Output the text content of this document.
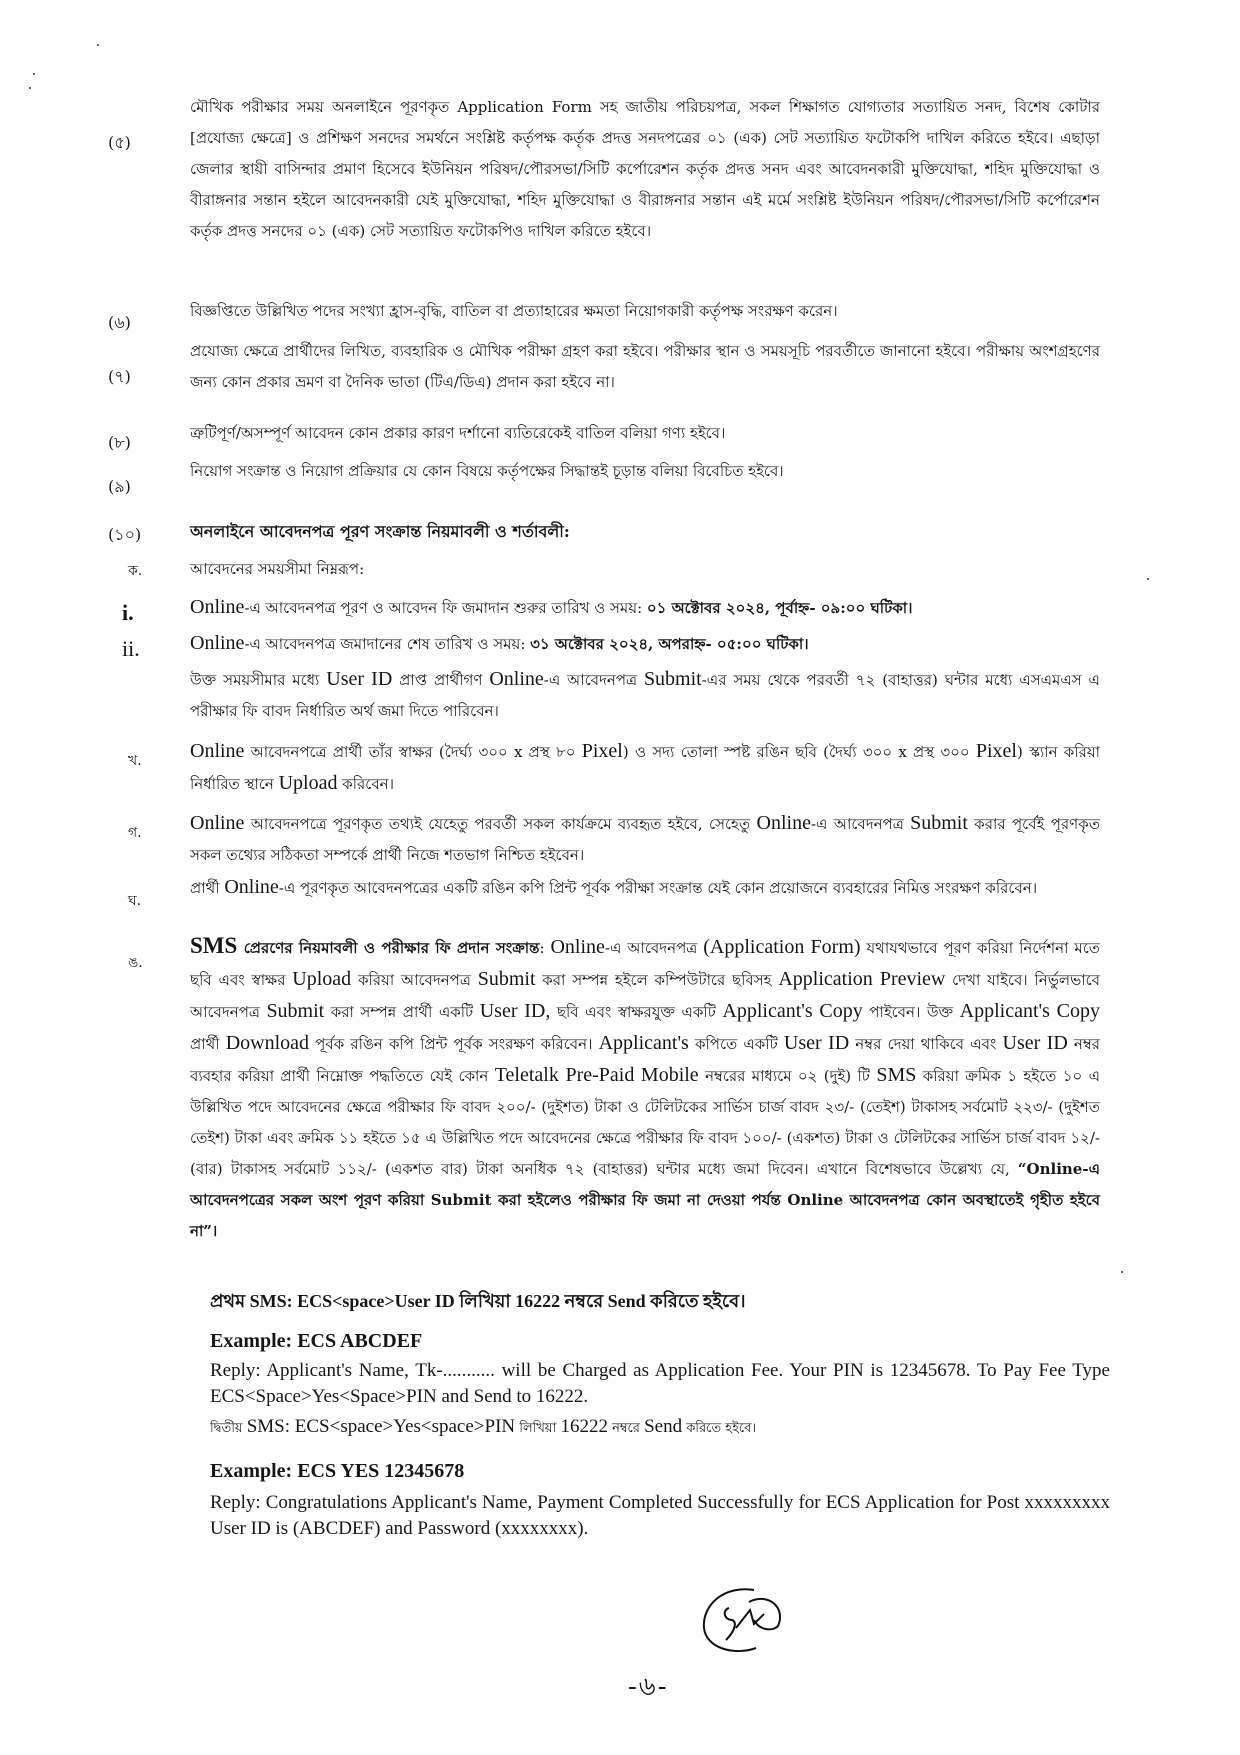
(৫)
মৌখিক পরীক্ষার সময় অনলাইনে পূরণকৃত Application Form সহ জাতীয় পরিচয়পত্র, সকল শিক্ষাগত যোগ্যতার সত্যায়িত সনদ, বিশেষ কোটার [প্রযোজ্য ক্ষেত্রে] ও প্রশিক্ষণ সনদের সমর্থনে সংশ্লিষ্ট কর্তৃপক্ষ কর্তৃক প্রদত্ত সনদপত্রের ০১ (এক) সেট সত্যায়িত ফটোকপি দাখিল করিতে হইবে। এছাড়া জেলার স্থায়ী বাসিন্দার প্রমাণ হিসেবে ইউনিয়ন পরিষদ/পৌরসভা/সিটি কর্পোরেশন কর্তৃক প্রদত্ত সনদ এবং আবেদনকারী মুক্তিযোদ্ধা, শহিদ মুক্তিযোদ্ধা ও বীরাঙ্গনার সন্তান হইলে আবেদনকারী যেই মুক্তিযোদ্ধা, শহিদ মুক্তিযোদ্ধা ও বীরাঙ্গনার সন্তান এই মর্মে সংশ্লিষ্ট ইউনিয়ন পরিষদ/পৌরসভা/সিটি কর্পোরেশন কর্তৃক প্রদত্ত সনদের ০১ (এক) সেট সত্যায়িত ফটোকপিও দাখিল করিতে হইবে।
(৬)
বিজ্ঞপ্তিতে উল্লিখিত পদের সংখ্যা হ্রাস-বৃদ্ধি, বাতিল বা প্রত্যাহারের ক্ষমতা নিয়োগকারী কর্তৃপক্ষ সংরক্ষণ করেন।
(৭)
প্রযোজ্য ক্ষেত্রে প্রার্থীদের লিখিত, ব্যবহারিক ও মৌখিক পরীক্ষা গ্রহণ করা হইবে। পরীক্ষার স্থান ও সময়সূচি পরবর্তীতে জানানো হইবে। পরীক্ষায় অংশগ্রহণের জন্য কোন প্রকার ভ্রমণ বা দৈনিক ভাতা (টিএ/ডিএ) প্রদান করা হইবে না।
(৮)	ত্রুটিপূর্ণ/অসম্পূর্ণ আবেদন কোন প্রকার কারণ দর্শানো ব্যতিরেকেই বাতিল বলিয়া গণ্য হইবে।
(৯)
নিয়োগ সংক্রান্ত ও নিয়োগ প্রক্রিয়ার যে কোন বিষয়ে কর্তৃপক্ষের সিদ্ধান্তই চূড়ান্ত বলিয়া বিবেচিত হইবে।
(১০)	অনলাইনে আবেদনপত্র পূরণ সংক্রান্ত নিয়মাবলী ও শর্তাবলী:
ক.	আবেদনের সময়সীমা নিম্নরূপ:
i.	Online-এ আবেদনপত্র পূরণ ও আবেদন ফি জমাদান শুরুর তারিখ ও সময়: ০১ অক্টোবর ২০২৪, পূর্বাহ্ন- ০৯:০০ ঘটিকা।
ii.	Online-এ আবেদনপত্র জমাদানের শেষ তারিখ ও সময়: ৩১ অক্টোবর ২০২৪, অপরাহ্ন- ০৫:০০ ঘটিকা।
উক্ত সময়সীমার মধ্যে User ID প্রাপ্ত প্রার্থীগণ Online-এ আবেদনপত্র Submit-এর সময় থেকে পরবর্তী ৭২ (বাহাত্তর) ঘন্টার মধ্যে এসএমএস এ পরীক্ষার ফি বাবদ নির্ধারিত অর্থ জমা দিতে পারিবেন।
খ.	Online আবেদনপত্রে প্রার্থী তাঁর স্বাক্ষর (দৈর্ঘ্য ৩০০ x প্রস্থ ৮০ Pixel) ও সদ্য তোলা স্পষ্ট রঙিন ছবি (দৈর্ঘ্য ৩০০ x প্রস্থ ৩০০ Pixel) স্ক্যান করিয়া নির্ধারিত স্থানে Upload করিবেন।
গ.	Online আবেদনপত্রে পূরণকৃত তথ্যই যেহেতু পরবর্তী সকল কার্যক্রমে ব্যবহৃত হইবে, সেহেতু Online-এ আবেদনপত্র Submit করার পূর্বেই পূরণকৃত সকল তথ্যের সঠিকতা সম্পর্কে প্রার্থী নিজে শতভাগ নিশ্চিত হইবেন।
ঘ.
প্রার্থী Online-এ পূরণকৃত আবেদনপত্রের একটি রঙিন কপি প্রিন্ট পূর্বক পরীক্ষা সংক্রান্ত যেই কোন প্রয়োজনে ব্যবহারের নিমিত্ত সংরক্ষণ করিবেন।
ঙ.
SMS প্রেরণের নিয়মাবলী ও পরীক্ষার ফি প্রদান সংক্রান্ত: Online-এ আবেদনপত্র (Application Form) যথাযথভাবে পূরণ করিয়া নির্দেশনা মতে ছবি এবং স্বাক্ষর Upload করিয়া আবেদনপত্র Submit করা সম্পন্ন হইলে কম্পিউটারে ছবিসহ Application Preview দেখা যাইবে। নির্ভুলভাবে আবেদনপত্র Submit করা সম্পন্ন প্রার্থী একটি User ID, ছবি এবং স্বাক্ষরযুক্ত একটি Applicant's Copy পাইবেন। উক্ত Applicant's Copy প্রার্থী Download পূর্বক রঙিন কপি প্রিন্ট পূর্বক সংরক্ষণ করিবেন। Applicant's কপিতে একটি User ID নম্বর দেয়া থাকিবে এবং User ID নম্বর ব্যবহার করিয়া প্রার্থী নিম্নোক্ত পদ্ধতিতে যেই কোন Teletalk Pre-Paid Mobile নম্বরের মাধ্যমে ০২ (দুই) টি SMS করিয়া ক্রমিক ১ হইতে ১০ এ উল্লিখিত পদে আবেদনের ক্ষেত্রে পরীক্ষার ফি বাবদ ২০০/- (দুইশত) টাকা ও টেলিটকের সার্ভিস চার্জ বাবদ ২৩/- (তেইশ) টাকাসহ সর্বমোট ২২৩/- (দুইশত তেইশ) টাকা এবং ক্রমিক ১১ হইতে ১৫ এ উল্লিখিত পদে আবেদনের ক্ষেত্রে পরীক্ষার ফি বাবদ ১০০/- (একশত) টাকা ও টেলিটকের সার্ভিস চার্জ বাবদ ১২/- (বার) টাকাসহ সর্বমোট ১১২/- (একশত বার) টাকা অনধিক ৭২ (বাহাত্তর) ঘন্টার মধ্যে জমা দিবেন। এখানে বিশেষভাবে উল্লেখ্য যে, “Online-এ আবেদনপত্রের সকল অংশ পূরণ করিয়া Submit করা হইলেও পরীক্ষার ফি জমা না দেওয়া পর্যন্ত Online আবেদনপত্র কোন অবস্থাতেই গৃহীত হইবে না”।
প্রথম SMS: ECS<space>User ID লিখিয়া 16222 নম্বরে Send করিতে হইবে।
Example: ECS ABCDEF
Reply: Applicant's Name, Tk-........... will be Charged as Application Fee. Your PIN is 12345678. To Pay Fee Type ECS<Space>Yes<Space>PIN and Send to 16222.
দ্বিতীয় SMS: ECS<space>Yes<space>PIN লিখিয়া 16222 নম্বরে Send করিতে হইবে।
Example: ECS YES 12345678
Reply: Congratulations Applicant's Name, Payment Completed Successfully for ECS Application for Post xxxxxxxxx User ID is (ABCDEF) and Password (xxxxxxxx).
-৬-
